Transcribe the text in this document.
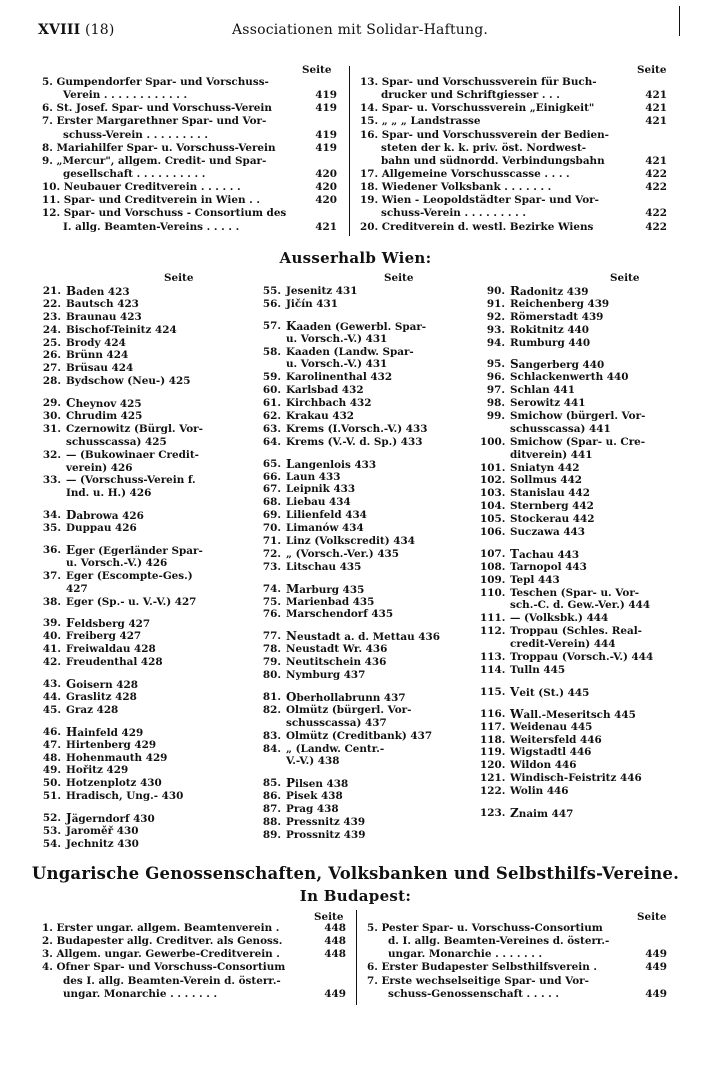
XVIII (18)	Associationen mit Solidar-Haftung.
Seite	Seite
5. Gumpendorfer Spar- und Vorschuss-
Verein . . . . . . . . . . . .	419
6. St. Josef. Spar- und Vorschuss-Verein	419
7. Erster Margarethner Spar- und Vor-
schuss-Verein . . . . . . . . .	419
8. Mariahilfer Spar- u. Vorschuss-Verein	419
9. „Mercur", allgem. Credit- und Spar-
gesellschaft . . . . . . . . . .	420
10. Neubauer Creditverein . . . . . .	420
11. Spar- und Creditverein in Wien . .	420
12. Spar- und Vorschuss - Consortium des
I. allg. Beamten-Vereins . . . . .	421
13. Spar- und Vorschussverein für Buch-
drucker und Schriftgiesser . . .	421
14. Spar- u. Vorschussverein „Einigkeit"	421
15. „ „ „ Landstrasse	421
16. Spar- und Vorschussverein der Bedien-
steten der k. k. priv. öst. Nordwest-
bahn und südnordd. Verbindungsbahn	421
17. Allgemeine Vorschusscasse . . . .	422
18. Wiedener Volksbank . . . . . . .	422
19. Wien - Leopoldstädter Spar- und Vor-
schuss-Verein . . . . . . . . .	422
20. Creditverein d. westl. Bezirke Wiens	422
Ausserhalb Wien:
Seite	Seite	Seite
21. Baden 423
22. Bautsch 423
23. Braunau 423
24. Bischof-Teinitz 424
25. Brody 424
26. Brünn 424
27. Brüsau 424
28. Bydschow (Neu-) 425
29. Cheynov 425
30. Chrudim 425
31. Czernowitz (Bürgl. Vor-
schusscassa) 425
32. — (Bukowinaer Credit-
verein) 426
33. — (Vorschuss-Verein f.
Ind. u. H.) 426
34. Dabrowa 426
35. Duppau 426
36. Eger (Egerländer Spar-
u. Vorsch.-V.) 426
37. Eger (Escompte-Ges.)
427
38. Eger (Sp.- u. V.-V.) 427
39. Feldsberg 427
40. Freiberg 427
41. Freiwaldau 428
42. Freudenthal 428
43. Goisern 428
44. Graslitz 428
45. Graz 428
46. Hainfeld 429
47. Hirtenberg 429
48. Hohenmauth 429
49. Hořitz 429
50. Hotzenplotz 430
51. Hradisch, Ung.- 430
52. Jägerndorf 430
53. Jaroměř 430
54. Jechnitz 430
55. Jesenitz 431
56. Jičín 431
57. Kaaden (Gewerbl. Spar-
u. Vorsch.-V.) 431
58. Kaaden (Landw. Spar-
u. Vorsch.-V.) 431
59. Karolinenthal 432
60. Karlsbad 432
61. Kirchbach 432
62. Krakau 432
63. Krems (I.Vorsch.-V.) 433
64. Krems (V.-V. d. Sp.) 433
65. Langenlois 433
66. Laun 433
67. Leipnik 433
68. Liebau 434
69. Lilienfeld 434
70. Limanów 434
71. Linz (Volkscredit) 434
72. „ (Vorsch.-Ver.) 435
73. Litschau 435
74. Marburg 435
75. Marienbad 435
76. Marschendorf 435
77. Neustadt a. d. Mettau 436
78. Neustadt Wr. 436
79. Neutitschein 436
80. Nymburg 437
81. Oberhollabrunn 437
82. Olmütz (bürgerl. Vor-
schusscassa) 437
83. Olmütz (Creditbank) 437
84. „ (Landw. Centr.-
V.-V.) 438
85. Pilsen 438
86. Pisek 438
87. Prag 438
88. Pressnitz 439
89. Prossnitz 439
90. Radonitz 439
91. Reichenberg 439
92. Römerstadt 439
93. Rokitnitz 440
94. Rumburg 440
95. Sangerberg 440
96. Schlackenwerth 440
97. Schlan 441
98. Serowitz 441
99. Smichow (bürgerl. Vor-
schusscassa) 441
100. Smichow (Spar- u. Cre-
ditverein) 441
101. Sniatyn 442
102. Sollmus 442
103. Stanislau 442
104. Sternberg 442
105. Stockerau 442
106. Suczawa 443
107. Tachau 443
108. Tarnopol 443
109. Tepl 443
110. Teschen (Spar- u. Vor-
sch.-C. d. Gew.-Ver.) 444
111. — (Volksbk.) 444
112. Troppau (Schles. Real-
credit-Verein) 444
113. Troppau (Vorsch.-V.) 444
114. Tulln 445
115. Veit (St.) 445
116. Wall.-Meseritsch 445
117. Weidenau 445
118. Weitersfeld 446
119. Wigstadtl 446
120. Wildon 446
121. Windisch-Feistritz 446
122. Wolin 446
123. Znaim 447
Ungarische Genossenschaften, Volksbanken und Selbsthilfs-Vereine.
In Budapest:
Seite	Seite
1. Erster ungar. allgem. Beamtenverein .	448
2. Budapester allg. Creditver. als Genoss.	448
3. Allgem. ungar. Gewerbe-Creditverein .	448
4. Ofner Spar- und Vorschuss-Consortium
des I. allg. Beamten-Verein d. österr.-
ungar. Monarchie . . . . . . .	449
5. Pester Spar- u. Vorschuss-Consortium
d. I. allg. Beamten-Vereines d. österr.-
ungar. Monarchie . . . . . . .	449
6. Erster Budapester Selbsthilfsverein .	449
7. Erste wechselseitige Spar- und Vor-
schuss-Genossenschaft . . . . .	449
